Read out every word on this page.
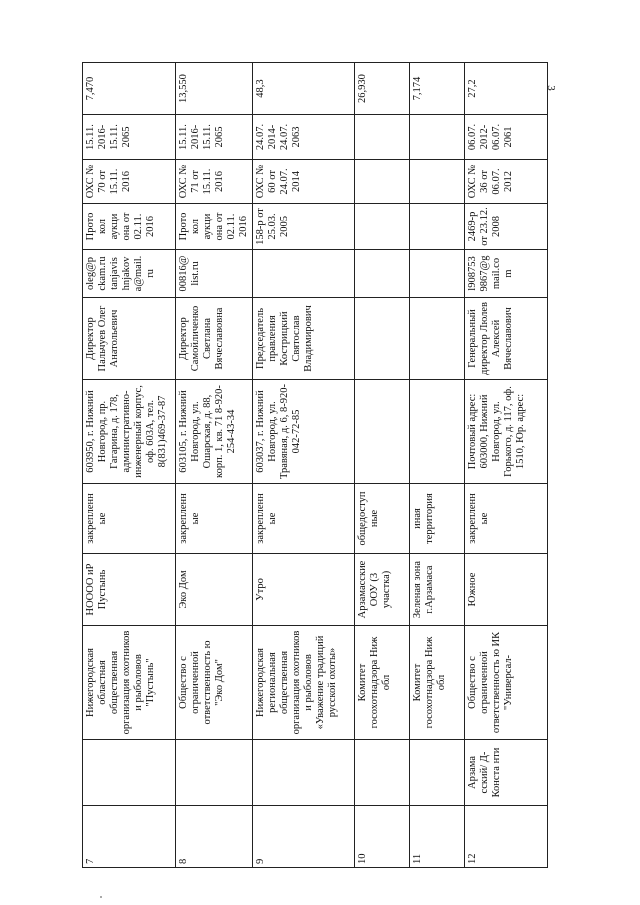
3
7		Нижегородская областная общественная организация охотников и рыболовов "Пустынь"	НОООО иР Пустынь	закрепленн ые	603950, г. Нижний Новгород, пр. Гагарина, д. 178, административно-инженерный корпус, оф. 603А, тел. 8(831)469-37-87	Директор Пальчуев Олег Анатольевич	oleg@p ckam.ru tanjavis hnjakov a@mail. ru	Прото кол аукци она от 02.11. 2016	ОХС № 70 от 15.11. 2016	15.11. 2016- 15.11. 2065	7,470
8		Общество с ограниченной ответственность ю "Эко Дом"	Эко Дом	закрепленн ые	603105, г. Нижний Новгород, ул. Ошарская, д. 88, корп. 1, кв. 71 8-920-254-43-34	Директор Самойличенко Светлана Вячеславовна	00816@ list.ru	Прото кол аукци она от 02.11. 2016	ОХС № 71 от 15.11. 2016	15.11. 2016- 15.11. 2065	13,550
9		Нижегородская региональная общественная организация охотников и рыболовов «Уважение традиций русской охоты»	Утро	закрепленн ые	603037, г. Нижний Новгород, ул. Травяная, д. 6, 8-920-042-72-85	Председатель правления Кострицкий Святослав Владимирович		158-р от 25.03. 2005	ОХС № 60 от 24.07. 2014	24.07. 2014- 24.07. 2063	48,3
10		Комитет госохотнадзора Ниж обл	Арзамасские ООУ (3 участка)	общедоступ ные							26,930
11		Комитет госохотнадзора Ниж обл	Зеленая зона г.Арзамаса	иная территория							7,174
12	Арзама сский/ Д- Конста нти	Общество с ограниченной ответственность ю ИК "Универсал-	Южное	закрепленн ые	Почтовый адрес: 603000, Нижний Новгород, ул. Горького, д. 117, оф. 1510, Юр. адрес:	Генеральный директор Люлев Алексей Вячеславович	l908753 9867@g mail.co m	2469-р от 23.12. 2008	ОХС № 36 от 06.07. 2012	06.07. 2012- 06.07. 2061	27,2
